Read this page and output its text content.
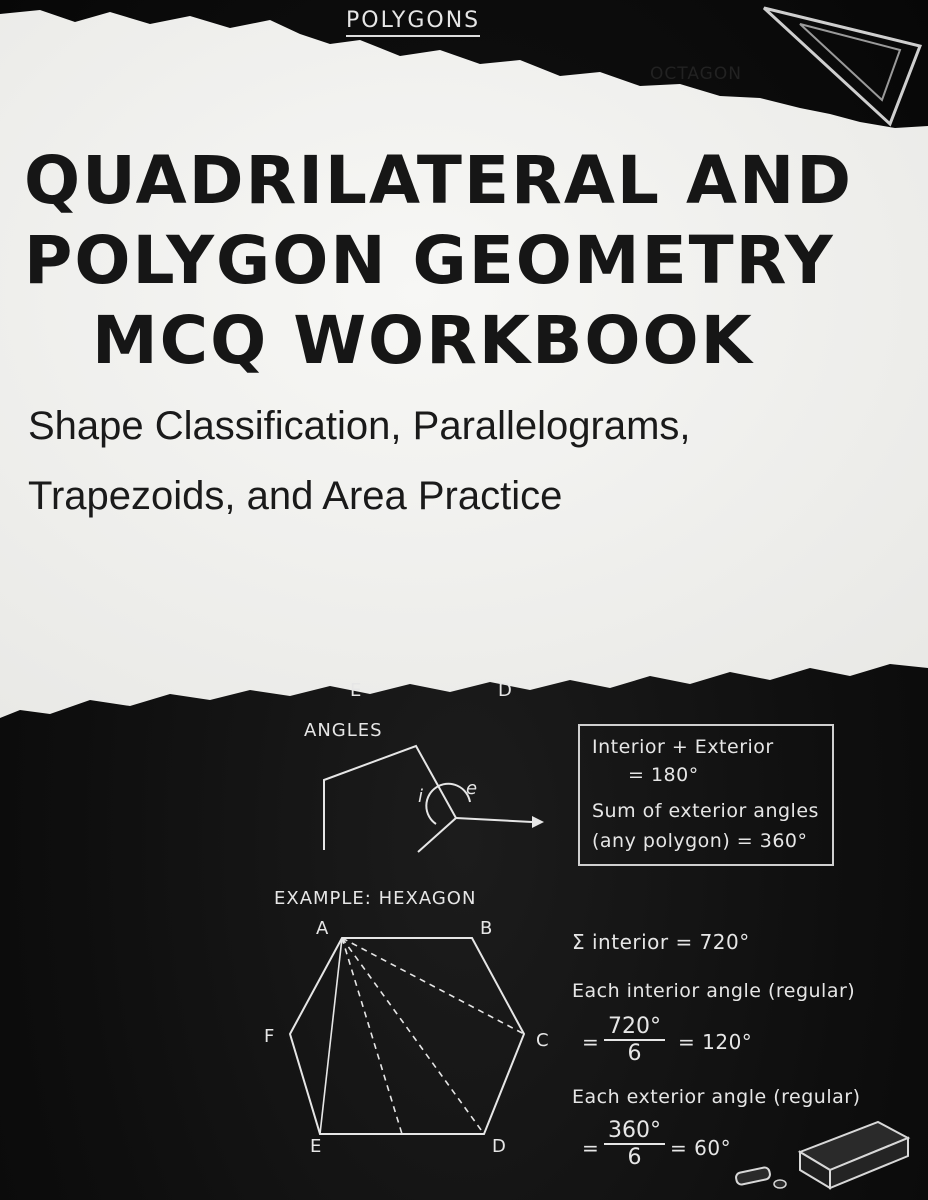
POLYGONS
OCTAGON
QUADRILATERAL AND
POLYGON GEOMETRY
MCQ WORKBOOK
Shape Classification, Parallelograms,
Trapezoids, and Area Practice
E	D
ANGLES
i e
Interior + Exterior
= 180°
Sum of exterior angles
(any polygon) = 360°
EXAMPLE: HEXAGON
A	B
C
D
E
F
Σ interior = 720°
Each interior angle (regular)
= $\frac{720^\circ}{6} = 120^\circ$
Each exterior angle (regular)
= $\frac{360^\circ}{6} = 60^\circ$
